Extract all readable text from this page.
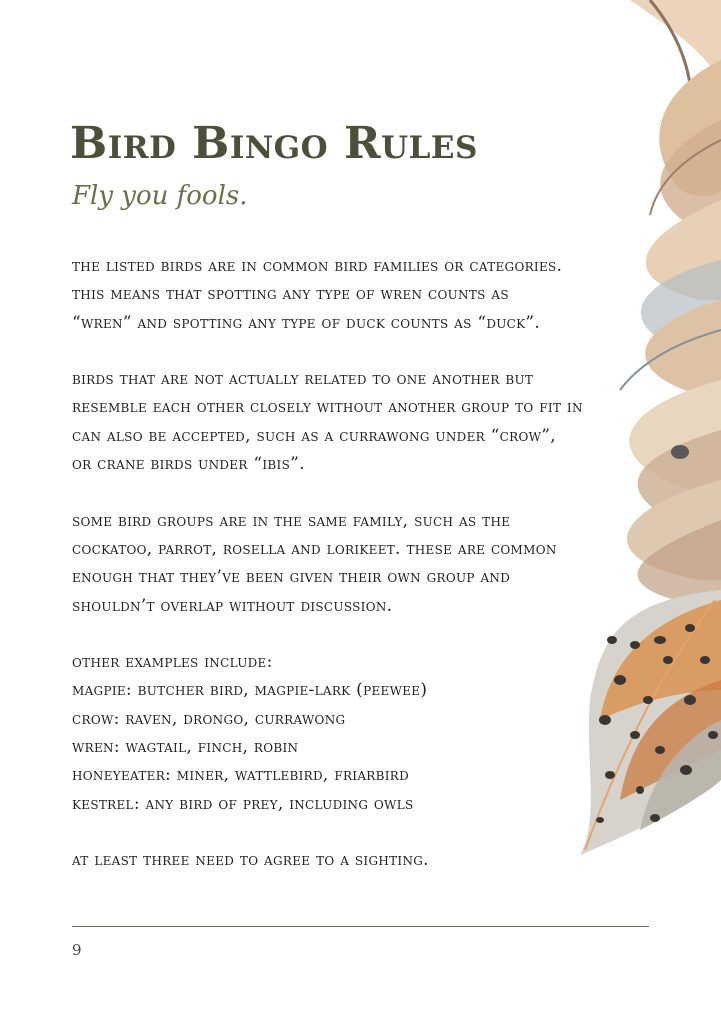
Bird Bingo Rules
Fly you fools.

the listed birds are in common bird families or categories.
this means that spotting any type of wren counts as
“wren” and spotting any type of duck counts as “duck”.

birds that are not actually related to one another but
resemble each other closely without another group to fit in
can also be accepted, such as a currawong under “crow”,
or crane birds under “ibis”.

some bird groups are in the same family, such as the
cockatoo, parrot, rosella and lorikeet. these are common
enough that they’ve been given their own group and
shouldn’t overlap without discussion.

other examples include:
magpie: butcher bird, magpie-lark (peewee)
crow: raven, drongo, currawong
wren: wagtail, finch, robin
honeyeater: miner, wattlebird, friarbird
kestrel: any bird of prey, including owls

at least three need to agree to a sighting.

9
